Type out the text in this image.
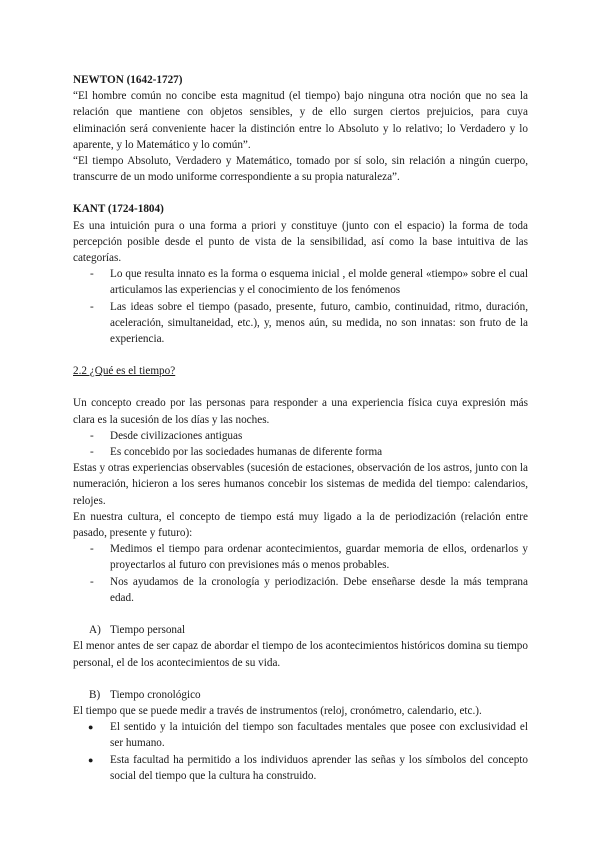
NEWTON (1642-1727)

“El hombre común no concibe esta magnitud (el tiempo) bajo ninguna otra noción que no sea la relación que mantiene con objetos sensibles, y de ello surgen ciertos prejuicios, para cuya eliminación será conveniente hacer la distinción entre lo Absoluto y lo relativo; lo Verdadero y lo aparente, y lo Matemático y lo común”.

“El tiempo Absoluto, Verdadero y Matemático, tomado por sí solo, sin relación a ningún cuerpo, transcurre de un modo uniforme correspondiente a su propia naturaleza”.

KANT (1724-1804)

Es una intuición pura o una forma a priori y constituye (junto con el espacio) la forma de toda percepción posible desde el punto de vista de la sensibilidad, así como la base intuitiva de las categorías.

- Lo que resulta innato es la forma o esquema inicial , el molde general «tiempo» sobre el cual articulamos las experiencias y el conocimiento de los fenómenos
- Las ideas sobre el tiempo (pasado, presente, futuro, cambio, continuidad, ritmo, duración, aceleración, simultaneidad, etc.), y, menos aún, su medida, no son innatas: son fruto de la experiencia.

2.2 ¿Qué es el tiempo?

Un concepto creado por las personas para responder a una experiencia física cuya expresión más clara es la sucesión de los días y las noches.

- Desde civilizaciones antiguas
- Es concebido por las sociedades humanas de diferente forma

Estas y otras experiencias observables (sucesión de estaciones, observación de los astros, junto con la numeración, hicieron a los seres humanos concebir los sistemas de medida del tiempo: calendarios, relojes.

En nuestra cultura, el concepto de tiempo está muy ligado a la de periodización (relación entre pasado, presente y futuro):

- Medimos el tiempo para ordenar acontecimientos, guardar memoria de ellos, ordenarlos y proyectarlos al futuro con previsiones más o menos probables.
- Nos ayudamos de la cronología y periodización. Debe enseñarse desde la más temprana edad.

A) Tiempo personal

El menor antes de ser capaz de abordar el tiempo de los acontecimientos históricos domina su tiempo personal, el de los acontecimientos de su vida.

B) Tiempo cronológico

El tiempo que se puede medir a través de instrumentos (reloj, cronómetro, calendario, etc.).

● El sentido y la intuición del tiempo son facultades mentales que posee con exclusividad el ser humano.
● Esta facultad ha permitido a los individuos aprender las señas y los símbolos del concepto social del tiempo que la cultura ha construido.
